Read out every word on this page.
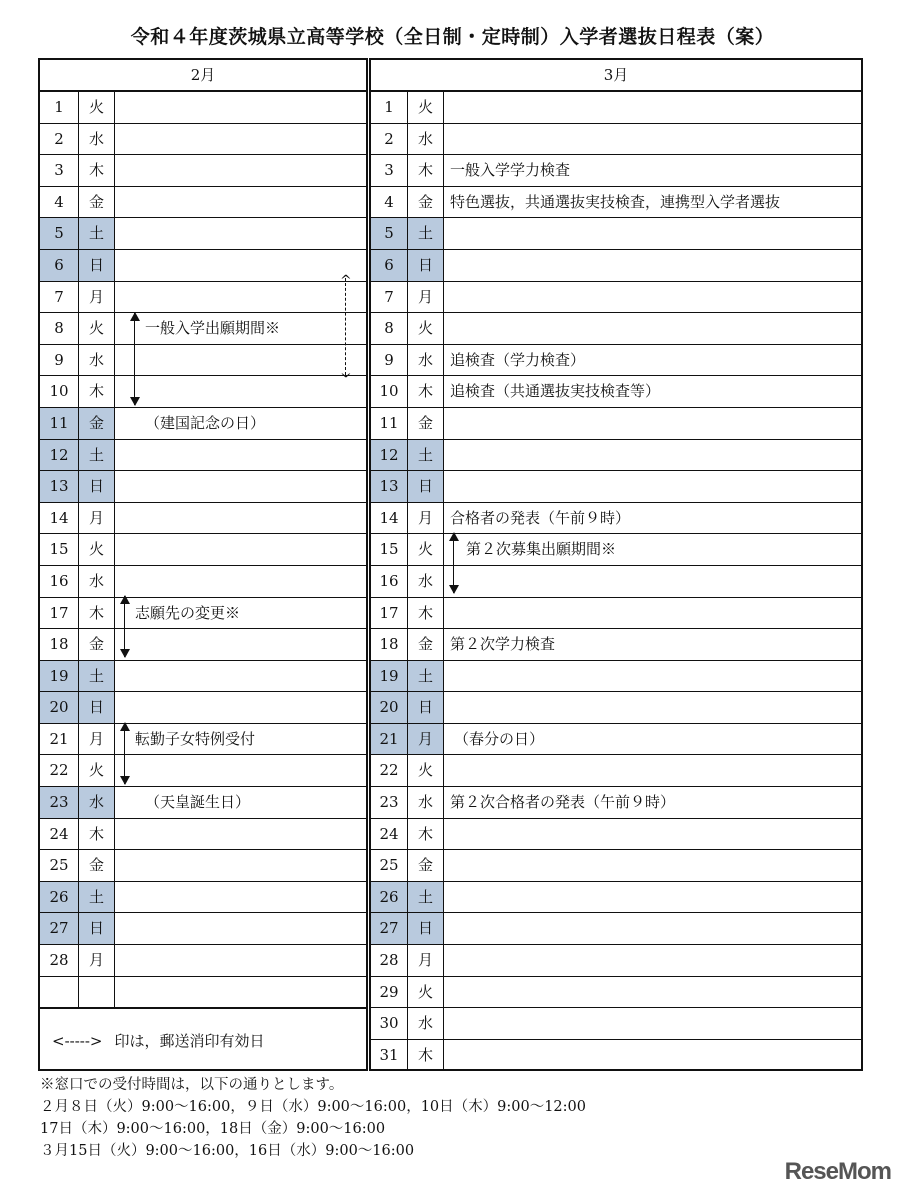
令和４年度茨城県立高等学校（全日制・定時制）入学者選抜日程表（案）
2月
1	火
2	水
3	木
4	金
5	土
6	日
7	月
8	火	一般入学出願期間※
9	水
10	木
11	金	（建国記念の日）
12	土
13	日
14	月
15	火
16	水
17	木	志願先の変更※
18	金
19	土
20	日
21	月	転勤子女特例受付
22	火
23	水	（天皇誕生日）
24	木
25	金
26	土
27	日
28	月
<-----> 印は，郵送消印有効日
3月
1	火
2	水
3	木	一般入学学力検査
4	金	特色選抜，共通選抜実技検査，連携型入学者選抜
5	土
6	日
7	月
8	火
9	水	追検査（学力検査）
10	木	追検査（共通選抜実技検査等）
11	金
12	土
13	日
14	月	合格者の発表（午前９時）
15	火	第２次募集出願期間※
16	水
17	木
18	金	第２次学力検査
19	土
20	日
21	月	（春分の日）
22	火
23	水	第２次合格者の発表（午前９時）
24	木
25	金
26	土
27	日
28	月
29	火
30	水
31	木
^
^
※窓口での受付時間は，以下の通りとします。
２月８日（火）9:00～16:00，９日（水）9:00～16:00，10日（木）9:00～12:00
17日（木）9:00～16:00，18日（金）9:00～16:00
３月15日（火）9:00～16:00，16日（水）9:00～16:00
ReseMom
